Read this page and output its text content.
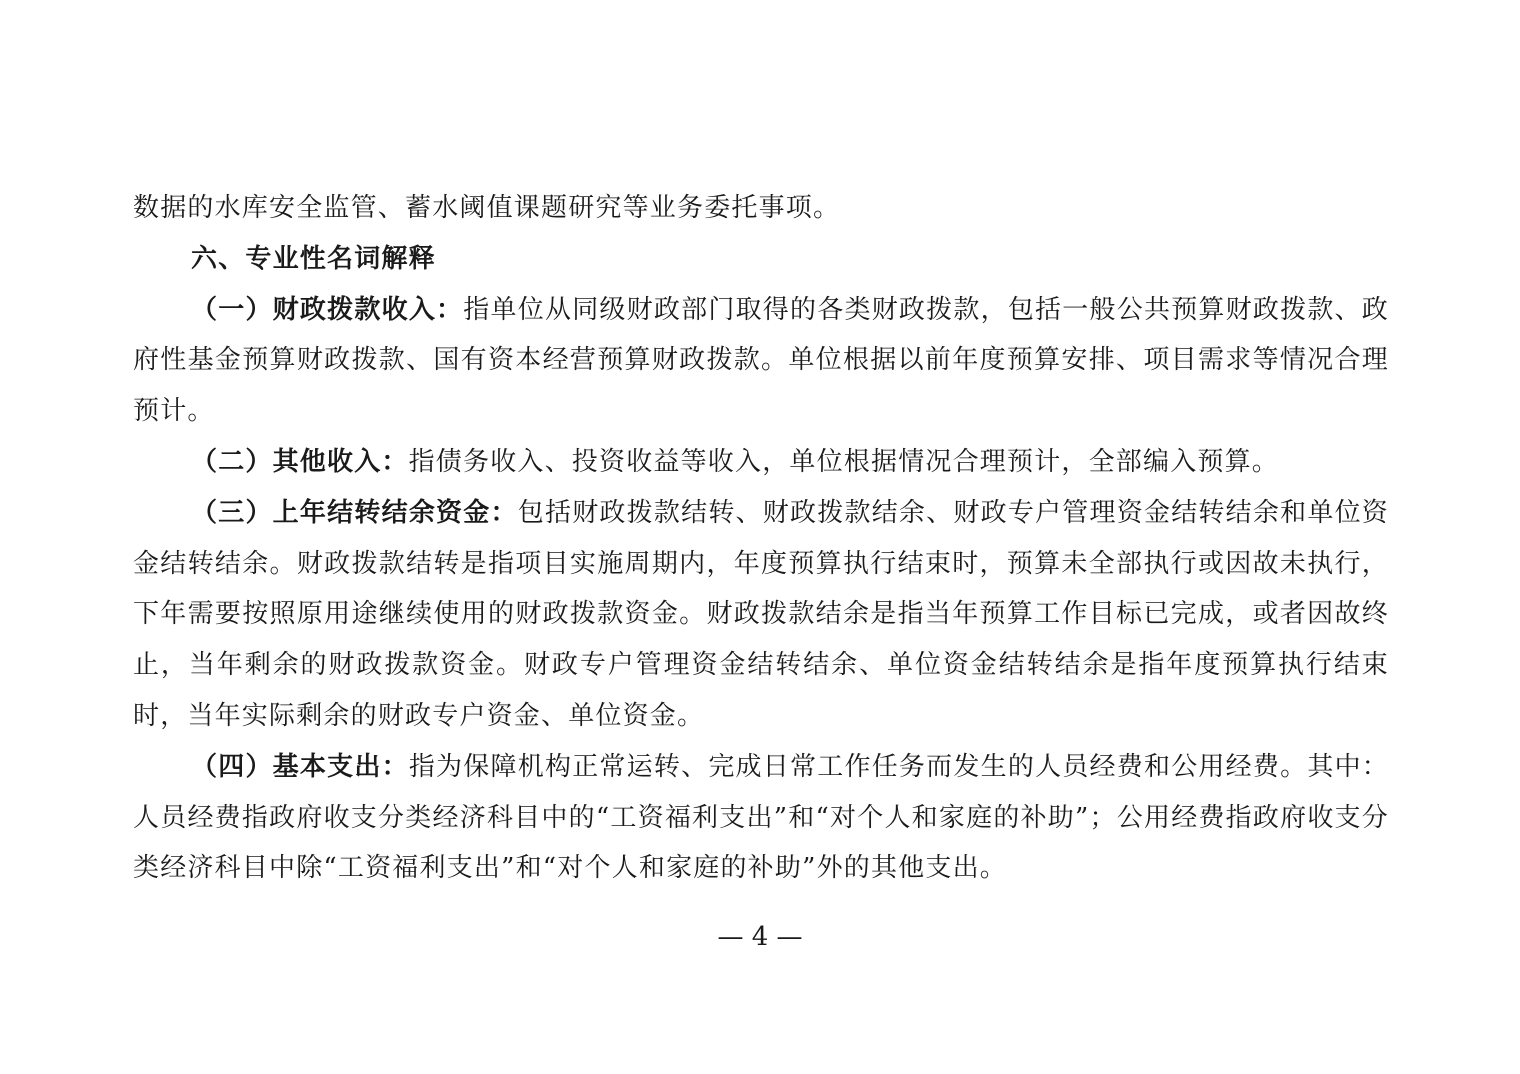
数据的水库安全监管、蓄水阈值课题研究等业务委托事项。

六、专业性名词解释

（一）财政拨款收入：指单位从同级财政部门取得的各类财政拨款，包括一般公共预算财政拨款、政府性基金预算财政拨款、国有资本经营预算财政拨款。单位根据以前年度预算安排、项目需求等情况合理预计。

（二）其他收入：指债务收入、投资收益等收入，单位根据情况合理预计，全部编入预算。

（三）上年结转结余资金：包括财政拨款结转、财政拨款结余、财政专户管理资金结转结余和单位资金结转结余。财政拨款结转是指项目实施周期内，年度预算执行结束时，预算未全部执行或因故未执行，下年需要按照原用途继续使用的财政拨款资金。财政拨款结余是指当年预算工作目标已完成，或者因故终止，当年剩余的财政拨款资金。财政专户管理资金结转结余、单位资金结转结余是指年度预算执行结束时，当年实际剩余的财政专户资金、单位资金。

（四）基本支出：指为保障机构正常运转、完成日常工作任务而发生的人员经费和公用经费。其中：人员经费指政府收支分类经济科目中的“工资福利支出”和“对个人和家庭的补助”；公用经费指政府收支分类经济科目中除“工资福利支出”和“对个人和家庭的补助”外的其他支出。

— 4 —
